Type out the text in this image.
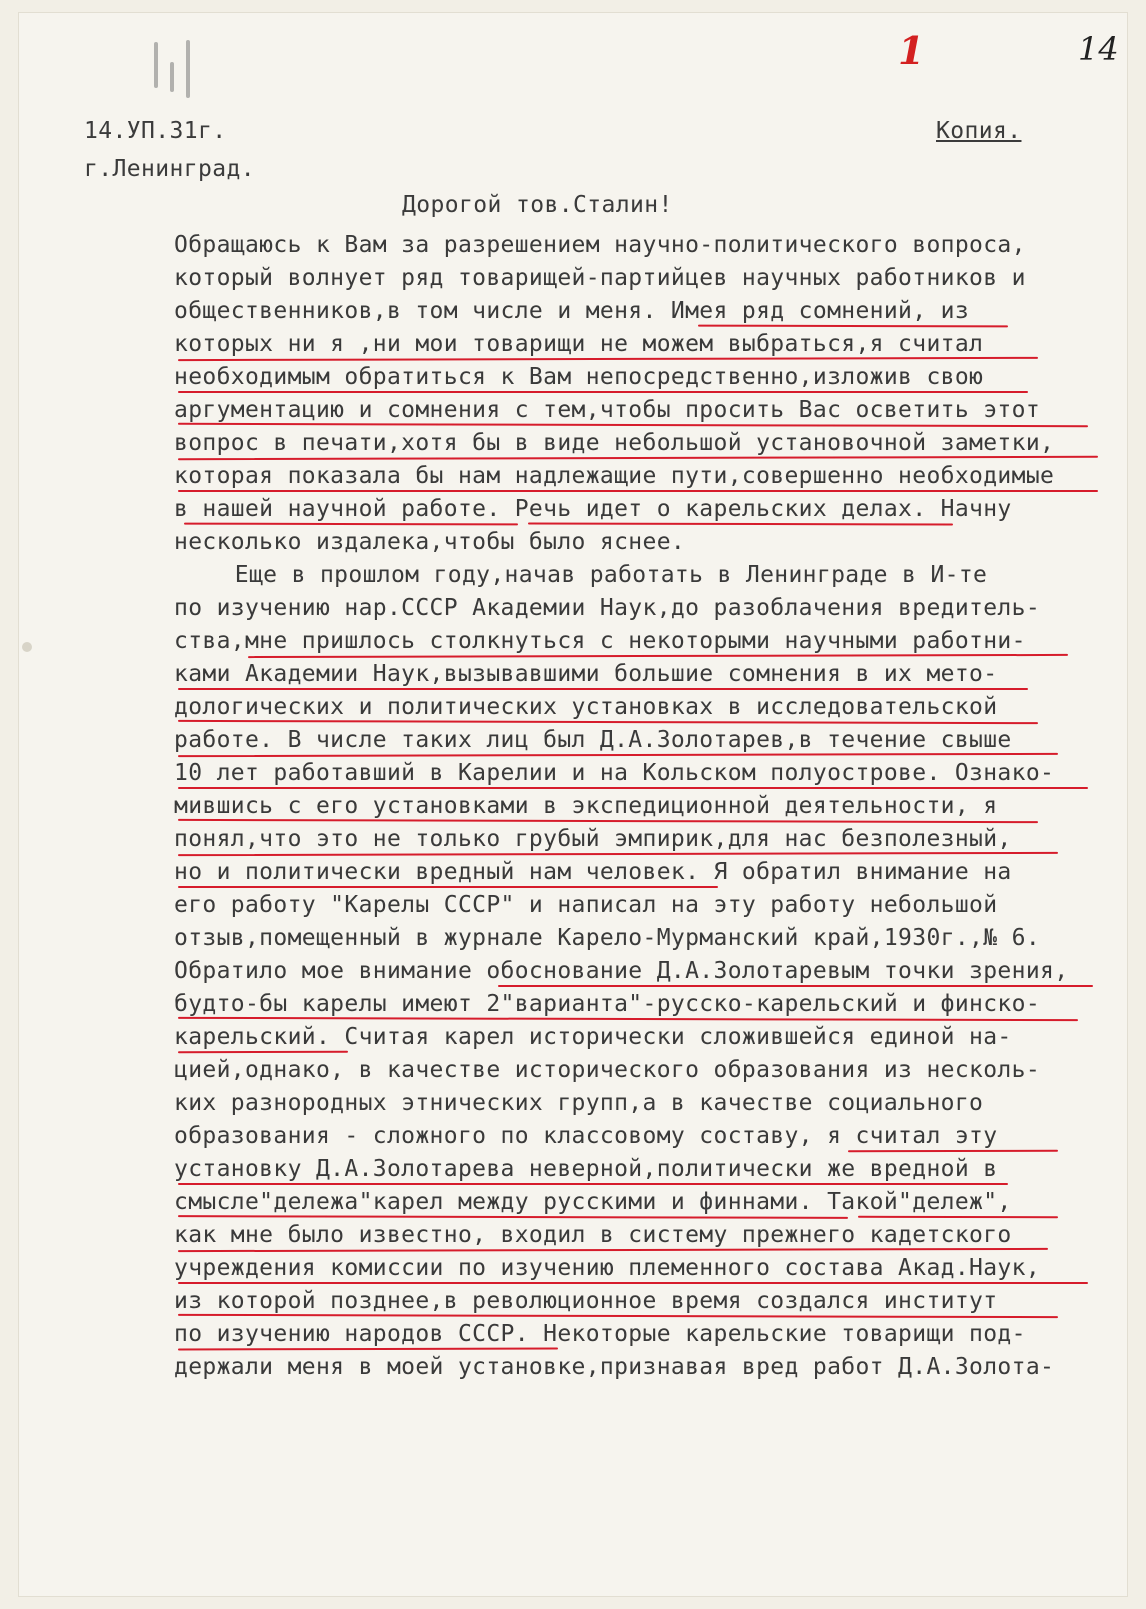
1	14
14.УП.31г.	Копия.
г.Ленинград.
Дорогой тов.Сталин!
Обращаюсь к Вам за разрешением научно-политического вопроса,
который волнует ряд товарищей-партийцев научных работников и
общественников,в том числе и меня. Имея ряд сомнений, из
которых ни я ,ни мои товарищи не можем выбраться,я считал
необходимым обратиться к Вам непосредственно,изложив свою
аргументацию и сомнения с тем,чтобы просить Вас осветить этот
вопрос в печати,хотя бы в виде небольшой установочной заметки,
которая показала бы нам надлежащие пути,совершенно необходимые
в нашей научной работе. Речь идет о карельских делах. Начну
несколько издалека,чтобы было яснее.
Еще в прошлом году,начав работать в Ленинграде в И-те
по изучению нар.СССР Академии Наук,до разоблачения вредитель-
ства,мне пришлось столкнуться с некоторыми научными работни-
ками Академии Наук,вызывавшими большие сомнения в их мето-
дологических и политических установках в исследовательской
работе. В числе таких лиц был Д.А.Золотарев,в течение свыше
10 лет работавший в Карелии и на Кольском полуострове. Ознако-
мившись с его установками в экспедиционной деятельности, я
понял,что это не только грубый эмпирик,для нас безполезный,
но и политически вредный нам человек. Я обратил внимание на
его работу "Карелы СССР" и написал на эту работу небольшой
отзыв,помещенный в журнале Карело-Мурманский край,1930г.,№ 6.
Обратило мое внимание обоснование Д.А.Золотаревым точки зрения,
будто-бы карелы имеют 2"варианта"-русско-карельский и финско-
карельский. Считая карел исторически сложившейся единой на-
цией,однако, в качестве исторического образования из несколь-
ких разнородных этнических групп,а в качестве социального
образования - сложного по классовому составу, я считал эту
установку Д.А.Золотарева неверной,политически же вредной в
смысле"дележа"карел между русскими и финнами. Такой"дележ",
как мне было известно, входил в систему прежнего кадетского
учреждения комиссии по изучению племенного состава Акад.Наук,
из которой позднее,в революционное время создался институт
по изучению народов СССР. Некоторые карельские товарищи под-
держали меня в моей установке,признавая вред работ Д.А.Золота-
